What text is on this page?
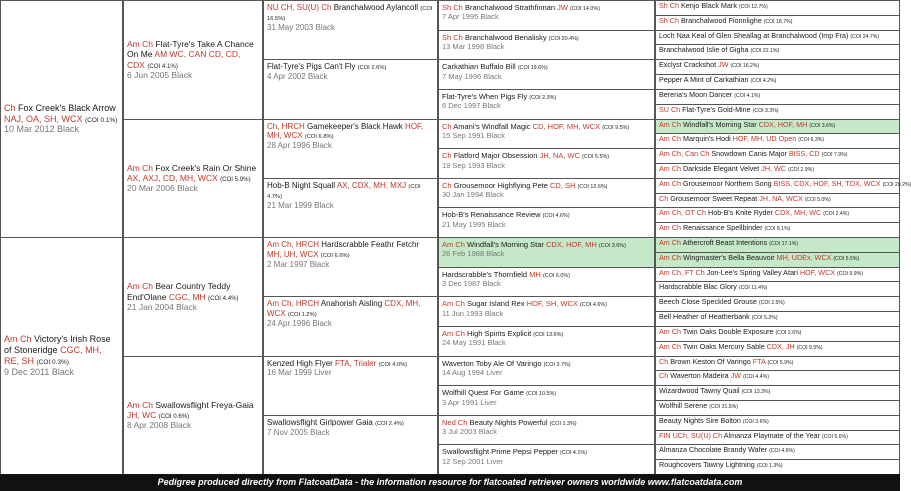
Ch Fox Creek's Black Arrow NAJ, OA, SH, WCX (COI 0.1%)
10 Mar 2012 Black
Am Ch Flat-Tyre's Take A Chance On Me AM WC, CAN CD, CD, CDX (COI 4.1%)
6 Jun 2005 Black
NU CH, SU(U) Ch Branchalwood Aylancoll (COI 16.5%)
31 May 2003 Black
Sh Ch Branchalwood Strathfinnan JW (COI 14.0%)
7 Apr 1995 Black
Sh Ch Kenjo Black Mark (COI 12.7%)
Sh Ch Branchalwood Fionnlighe (COI 18.7%)
Sh Ch Branchalwood Benalisky (COI 20.4%)
13 Mar 1998 Black
Loch Naa Keal of Glen Sheallag at Branchalwood (Imp Fra) (COI 24.7%)
Branchalwood Islie of Gigha (COI 22.1%)
Flat-Tyre's Pigs Can't Fly (COI 2.6%)
4 Apr 2002 Black
Carkathian Buffalo Bill (COI 19.6%)
7 May 1996 Black
Exclyst Crackshot JW (COI 16.2%)
Pepper A Mint of Carkathian (COI 4.2%)
Flat-Tyre's When Pigs Fly (COI 2.3%)
6 Dec 1997 Black
Berena's Moon Dancer (COI 4.1%)
SU Ch Flat-Tyre's Gold-Mine (COI 3.3%)
Am Ch Fox Creek's Rain Or Shine AX, AXJ, CD, MH, WCX (COI 5.9%)
20 Mar 2006 Black
Ch, HRCH Gamekeeper's Black Hawk HOF, MH, WCX (COI 6.8%)
28 Apr 1996 Black
Ch Amani's Windfall Magic CD, HOF, MH, WCX (COI 9.5%)
15 Sep 1991 Black
Am Ch Windfall's Morning Star CDX, HOF, MH (COI 3.6%)
Am Ch Marquin's Hodi HOF, MH, UD Open (COI 6.3%)
Ch Flatford Major Obsession JH, NA, WC (COI 5.5%)
19 Sep 1993 Black
Am Ch, Can Ch Snowdown Canis Major BISS, CD (COI 7.9%)
Am Ch Darkside Elegant Velvet JH, WC (COI 2.9%)
Hob-B Night Squall AX, CDX, MH, MXJ (COI 4.7%)
21 Mar 1999 Black
Ch Grousemoor Highflying Pete CD, SH (COI 12.6%)
30 Jan 1994 Black
Am Ch Grousemoor Northern Song BISS, CDX, HOF, SH, TDX, WCX (COI 20.2%)
Ch Grousemoor Sweet Repeat JH, NA, WCX (COI 5.0%)
Hob-B's Renaissance Review (COI 4.6%)
21 May 1995 Black
Am Ch, OT Ch Hob-B's Knite Ryder CDX, MH, WC (COI 2.4%)
Am Ch Renaissance Spellbinder (COI 8.1%)
Am Ch Victory's Irish Rose of Stoneridge CGC, MH, RE, SH (COI 0.3%)
9 Dec 2011 Black
Am Ch Bear Country Teddy End'Olane CGC, MH (COI 4.4%)
21 Jan 2004 Black
Am Ch, HRCH Hardscrabble Feathr Fetchr MH, UH, WCX (COI 6.6%)
2 Mar 1997 Black
Am Ch Windfall's Morning Star CDX, HOF, MH (COI 3.6%)
26 Feb 1988 Black
Am Ch Athercroft Beast Intentions (COI 17.1%)
Am Ch Wingmaster's Bella Beauvoir MH, UDEx, WCX (COI 5.5%)
Hardscrabble's Thornfield MH (COI 6.0%)
3 Dec 1987 Black
Am Ch, FT Ch Jon-Lee's Spring Valley Atari HOF, WCX (COI 9.9%)
Hardscrabble Blac Glory (COI 11.4%)
Am Ch, HRCH Anahorish Aisling CDX, MH, WCX (COI 1.2%)
24 Apr 1996 Black
Am Ch Sugar Island Rex HOF, SH, WCX (COI 4.6%)
11 Jun 1993 Black
Beech Close Speckled Grouse (COI 2.5%)
Bell Heather of Heatherbank (COI 5.2%)
Am Ch High Spirits Explicit (COI 13.6%)
24 May 1991 Black
Am Ch Twin Oaks Double Exposure (COI 2.6%)
Am Ch Twin Oaks Mercury Sable CDX, JH (COI 9.5%)
Am Ch Swallowsflight Freya-Gaia JH, WC (COI 0.6%)
8 Apr 2008 Black
Kenzed High Flyer FTA, Trialer (COI 4.0%)
16 Mar 1999 Liver
Waverton Toby Ale Of Varingo (COI 3.7%)
14 Aug 1994 Liver
Ch Brown Keston Of Varingo FTA (COI 5.9%)
Ch Waverton Madeira JW (COI 4.4%)
Wolfhill Quest For Game (COI 10.5%)
3 Apr 1991 Liver
Wizardwood Tawny Quail (COI 13.3%)
Wolfhill Serene (COI 31.5%)
Swallowsflight Girlpower Gaia (COI 2.4%)
7 Nov 2005 Black
Ned Ch Beauty Nights Powerful (COI 1.3%)
3 Jul 2003 Black
Beauty Nights Sire Bolton (COI 3.6%)
FIN UCh, SU(U) Ch Almanza Playmate of the Year (COI 5.6%)
Swallowsflight Prime Pepsi Pepper (COI 4.1%)
12 Sep 2001 Liver
Almanza Chocolate Brandy Wafer (COI 4.6%)
Roughcovers Tawny Lightning (COI 1.3%)
Pedigree produced directly from FlatcoatData - the information resource for flatcoated retriever owners worldwide www.flatcoatdata.com
